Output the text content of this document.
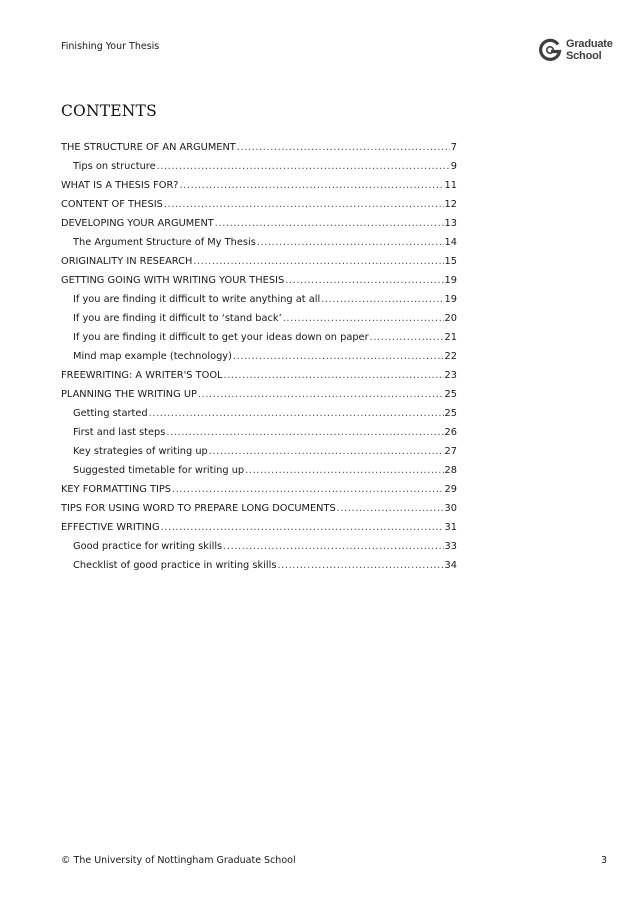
Finishing Your Thesis	Graduate
School
CONTENTS
THE STRUCTURE OF AN ARGUMENT .....	7
Tips on structure .....	9
WHAT IS A THESIS FOR? .....	11
CONTENT OF THESIS .....	12
DEVELOPING YOUR ARGUMENT .....	13
The Argument Structure of My Thesis .....	14
ORIGINALITY IN RESEARCH .....	15
GETTING GOING WITH WRITING YOUR THESIS .....	19
If you are finding it difficult to write anything at all .....	19
If you are finding it difficult to ‘stand back’ .....	20
If you are finding it difficult to get your ideas down on paper .....	21
Mind map example (technology) .....	22
FREEWRITING: A WRITER'S TOOL .....	23
PLANNING THE WRITING UP .....	25
Getting started .....	25
First and last steps .....	26
Key strategies of writing up .....	27
Suggested timetable for writing up .....	28
KEY FORMATTING TIPS .....	29
TIPS FOR USING WORD TO PREPARE LONG DOCUMENTS .....	30
EFFECTIVE WRITING .....	31
Good practice for writing skills .....	33
Checklist of good practice in writing skills .....	34
© The University of Nottingham Graduate School	3
